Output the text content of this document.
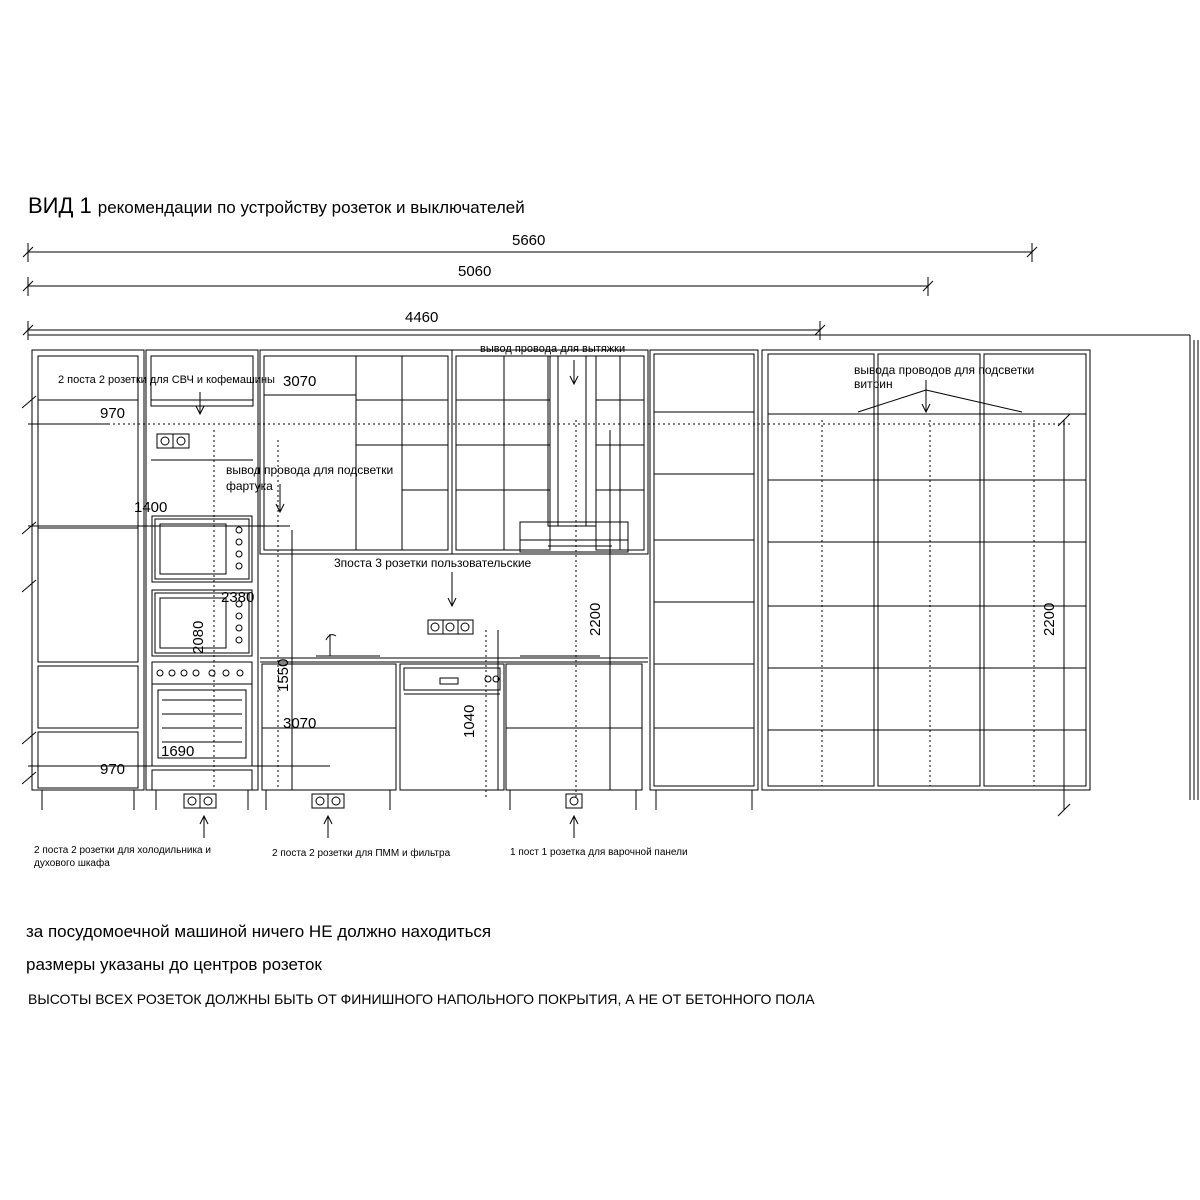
ВИД 1 рекомендации по устройству розеток и выключателей
5660
5060
4460
970
3070
1400
2380
3070
1690
970
2080
1550
1040
2200	2200
2 поста 2 розетки для СВЧ и кофемашины
вывод провода для вытяжки
вывод провода для подсветки
фартука
вывода проводов для подсветки
витрин
3поста 3 розетки пользовательские
2 поста 2 розетки для холодильника и
духового шкафа
2 поста 2 розетки для ПММ и фильтра	1 пост 1 розетка для варочной панели
за посудомоечной машиной ничего НЕ должно находиться
размеры указаны до центров розеток
ВЫСОТЫ ВСЕХ РОЗЕТОК ДОЛЖНЫ БЫТЬ ОТ ФИНИШНОГО НАПОЛЬНОГО ПОКРЫТИЯ, А НЕ ОТ БЕТОННОГО ПОЛА
